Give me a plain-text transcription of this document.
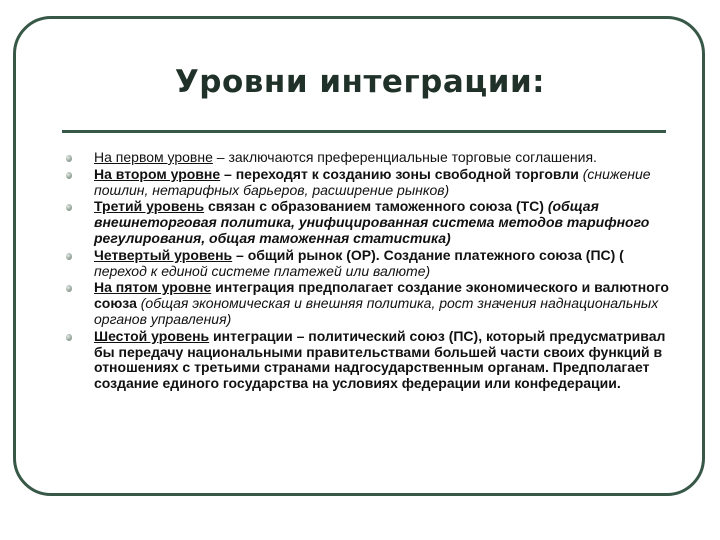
Уровни интеграции:
На первом уровне – заключаются преференциальные торговые соглашения.
На втором уровне – переходят к созданию зоны свободной торговли (снижение пошлин, нетарифных барьеров, расширение рынков)
Третий уровень связан с образованием таможенного союза (ТС) (общая внешнеторговая политика, унифицированная система методов тарифного регулирования, общая таможенная статистика)
Четвертый уровень – общий рынок (ОР). Создание платежного союза (ПС) ( переход к единой системе платежей или валюте)
На пятом уровне интеграция предполагает создание экономического и валютного союза (общая экономическая и внешняя политика, рост значения наднациональных органов управления)
Шестой уровень интеграции – политический союз (ПС), который предусматривал бы передачу национальными правительствами большей части своих функций в отношениях с третьими странами надгосударственным органам. Предполагает создание единого государства на условиях федерации или конфедерации.
